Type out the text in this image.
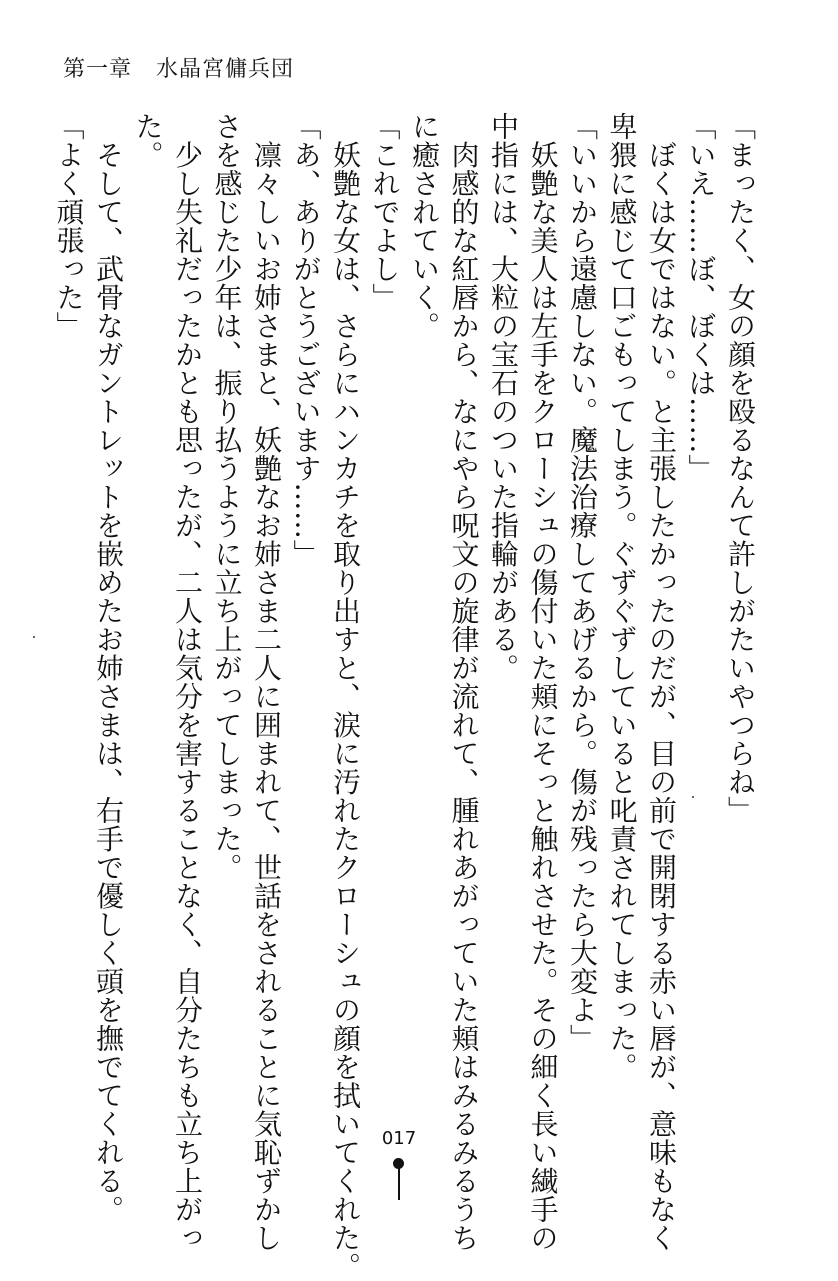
第一章 水晶宮傭兵団
「まったく、女の顔を殴るなんて許しがたいやつらね」
「いえ……ぼ、ぼくは……」
　ぼくは女ではない。と主張したかったのだが、目の前で開閉する赤い唇が、意味もなく
卑猥に感じて口ごもってしまう。ぐずぐずしていると叱責されてしまった。
「いいから遠慮しない。魔法治療してあげるから。傷が残ったら大変よ」
　妖艶な美人は左手をクローシュの傷付いた頬にそっと触れさせた。その細く長い繊手の
中指には、大粒の宝石のついた指輪がある。
　肉感的な紅唇から、なにやら呪文の旋律が流れて、腫れあがっていた頬はみるみるうち
に癒されていく。
「これでよし」
　妖艶な女は、さらにハンカチを取り出すと、涙に汚れたクローシュの顔を拭いてくれた。
「あ、ありがとうございます……」
　凛々しいお姉さまと、妖艶なお姉さま二人に囲まれて、世話をされることに気恥ずかし
さを感じた少年は、振り払うように立ち上がってしまった。
　少し失礼だったかとも思ったが、二人は気分を害することなく、自分たちも立ち上がっ
た。
　そして、武骨なガントレットを嵌めたお姉さまは、右手で優しく頭を撫でてくれる。
「よく頑張った」
017
